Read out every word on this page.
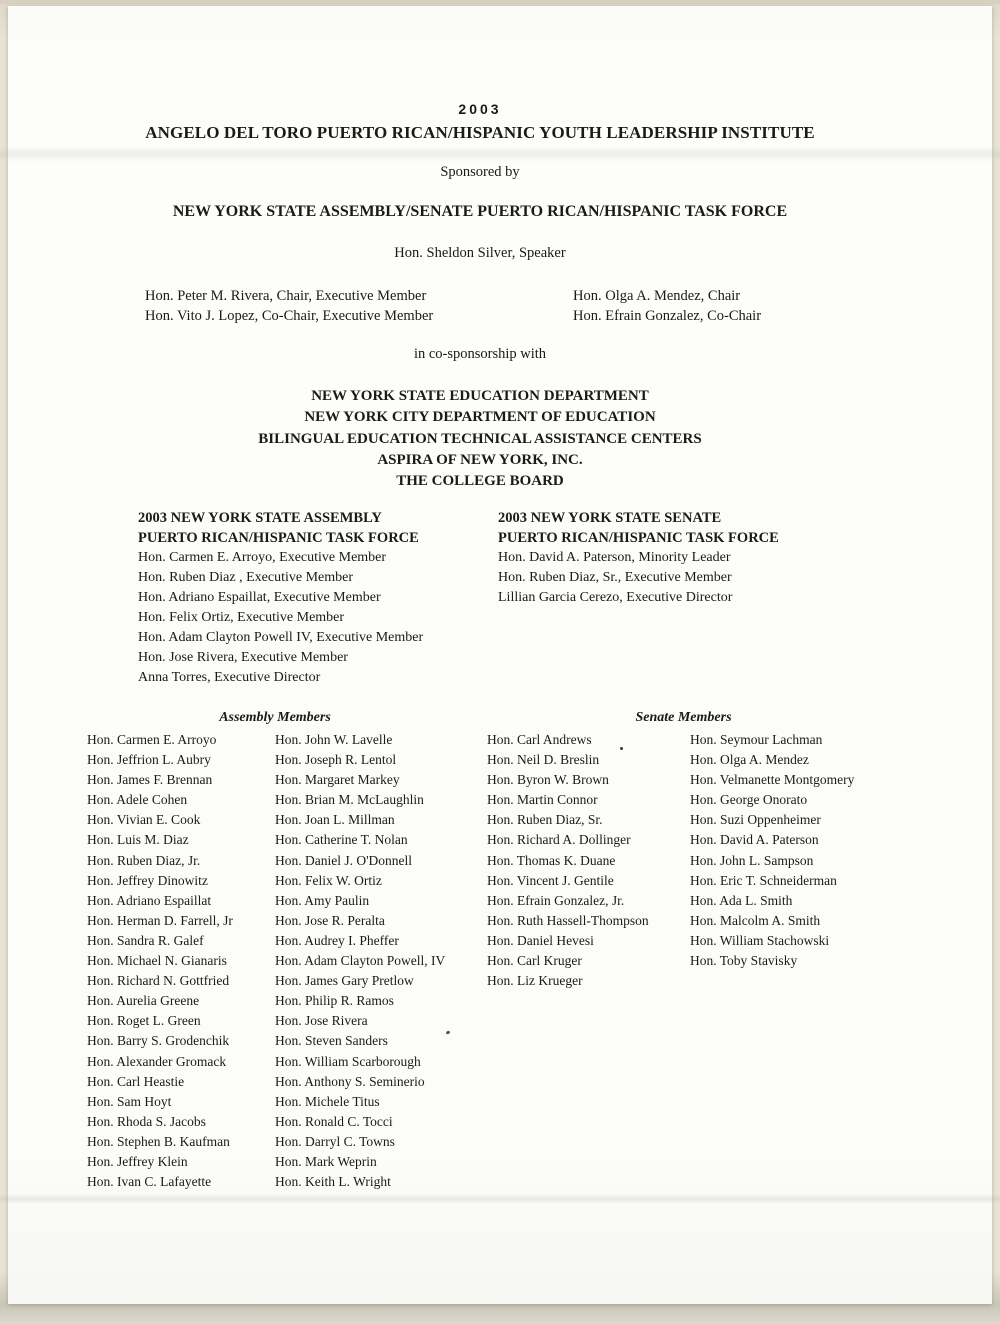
2003
ANGELO DEL TORO PUERTO RICAN/HISPANIC YOUTH LEADERSHIP INSTITUTE
Sponsored by
NEW YORK STATE ASSEMBLY/SENATE PUERTO RICAN/HISPANIC TASK FORCE
Hon. Sheldon Silver, Speaker
Hon. Peter M. Rivera, Chair, Executive Member
Hon. Vito J. Lopez, Co-Chair, Executive Member
Hon. Olga A. Mendez, Chair
Hon. Efrain Gonzalez, Co-Chair
in co-sponsorship with
NEW YORK STATE EDUCATION DEPARTMENT
NEW YORK CITY DEPARTMENT OF EDUCATION
BILINGUAL EDUCATION TECHNICAL ASSISTANCE CENTERS
ASPIRA OF NEW YORK, INC.
THE COLLEGE BOARD
2003 NEW YORK STATE ASSEMBLY
PUERTO RICAN/HISPANIC TASK FORCE
Hon. Carmen E. Arroyo, Executive Member
Hon. Ruben Diaz , Executive Member
Hon. Adriano Espaillat, Executive Member
Hon. Felix Ortiz, Executive Member
Hon. Adam Clayton Powell IV, Executive Member
Hon. Jose Rivera, Executive Member
Anna Torres, Executive Director
2003 NEW YORK STATE SENATE
PUERTO RICAN/HISPANIC TASK FORCE
Hon. David A. Paterson, Minority Leader
Hon. Ruben Diaz, Sr., Executive Member
Lillian Garcia Cerezo, Executive Director
Assembly Members	Senate Members
Hon. Carmen E. Arroyo
Hon. Jeffrion L. Aubry
Hon. James F. Brennan
Hon. Adele Cohen
Hon. Vivian E. Cook
Hon. Luis M. Diaz
Hon. Ruben Diaz, Jr.
Hon. Jeffrey Dinowitz
Hon. Adriano Espaillat
Hon. Herman D. Farrell, Jr
Hon. Sandra R. Galef
Hon. Michael N. Gianaris
Hon. Richard N. Gottfried
Hon. Aurelia Greene
Hon. Roget L. Green
Hon. Barry S. Grodenchik
Hon. Alexander Gromack
Hon. Carl Heastie
Hon. Sam Hoyt
Hon. Rhoda S. Jacobs
Hon. Stephen B. Kaufman
Hon. Jeffrey Klein
Hon. Ivan C. Lafayette
Hon. John W. Lavelle
Hon. Joseph R. Lentol
Hon. Margaret Markey
Hon. Brian M. McLaughlin
Hon. Joan L. Millman
Hon. Catherine T. Nolan
Hon. Daniel J. O'Donnell
Hon. Felix W. Ortiz
Hon. Amy Paulin
Hon. Jose R. Peralta
Hon. Audrey I. Pheffer
Hon. Adam Clayton Powell, IV
Hon. James Gary Pretlow
Hon. Philip R. Ramos
Hon. Jose Rivera
Hon. Steven Sanders
Hon. William Scarborough
Hon. Anthony S. Seminerio
Hon. Michele Titus
Hon. Ronald C. Tocci
Hon. Darryl C. Towns
Hon. Mark Weprin
Hon. Keith L. Wright
Hon. Carl Andrews
Hon. Neil D. Breslin
Hon. Byron W. Brown
Hon. Martin Connor
Hon. Ruben Diaz, Sr.
Hon. Richard A. Dollinger
Hon. Thomas K. Duane
Hon. Vincent J. Gentile
Hon. Efrain Gonzalez, Jr.
Hon. Ruth Hassell-Thompson
Hon. Daniel Hevesi
Hon. Carl Kruger
Hon. Liz Krueger
Hon. Seymour Lachman
Hon. Olga A. Mendez
Hon. Velmanette Montgomery
Hon. George Onorato
Hon. Suzi Oppenheimer
Hon. David A. Paterson
Hon. John L. Sampson
Hon. Eric T. Schneiderman
Hon. Ada L. Smith
Hon. Malcolm A. Smith
Hon. William Stachowski
Hon. Toby Stavisky
